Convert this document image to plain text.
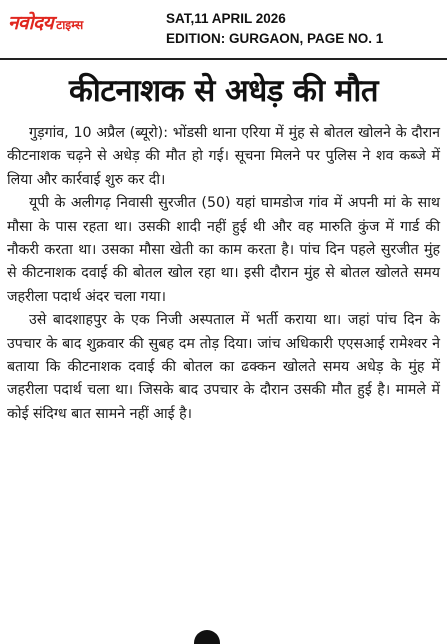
नवोदय टाइम्स	SAT,11 APRIL 2026
EDITION: GURGAON, PAGE NO. 1
कीटनाशक से अधेड़ की मौत

गुड़गांव, 10 अप्रैल (ब्यूरो): भोंडसी थाना एरिया में मुंह से बोतल खोलने के दौरान कीटनाशक चढ़ने से अधेड़ की मौत हो गई। सूचना मिलने पर पुलिस ने शव कब्जे में लिया और कार्रवाई शुरु कर दी।

यूपी के अलीगढ़ निवासी सुरजीत (50) यहां घामडोज गांव में अपनी मां के साथ मौसा के पास रहता था। उसकी शादी नहीं हुई थी और वह मारुति कुंज में गार्ड की नौकरी करता था। उसका मौसा खेती का काम करता है। पांच दिन पहले सुरजीत मुंह से कीटनाशक दवाई की बोतल खोल रहा था। इसी दौरान मुंह से बोतल खोलते समय जहरीला पदार्थ अंदर चला गया।

उसे बादशाहपुर के एक निजी अस्पताल में भर्ती कराया था। जहां पांच दिन के उपचार के बाद शुक्रवार की सुबह दम तोड़ दिया। जांच अधिकारी एएसआई रामेश्वर ने बताया कि कीटनाशक दवाई की बोतल का ढक्कन खोलते समय अधेड़ के मुंह में जहरीला पदार्थ चला था। जिसके बाद उपचार के दौरान उसकी मौत हुई है। मामले में कोई संदिग्ध बात सामने नहीं आई है।
